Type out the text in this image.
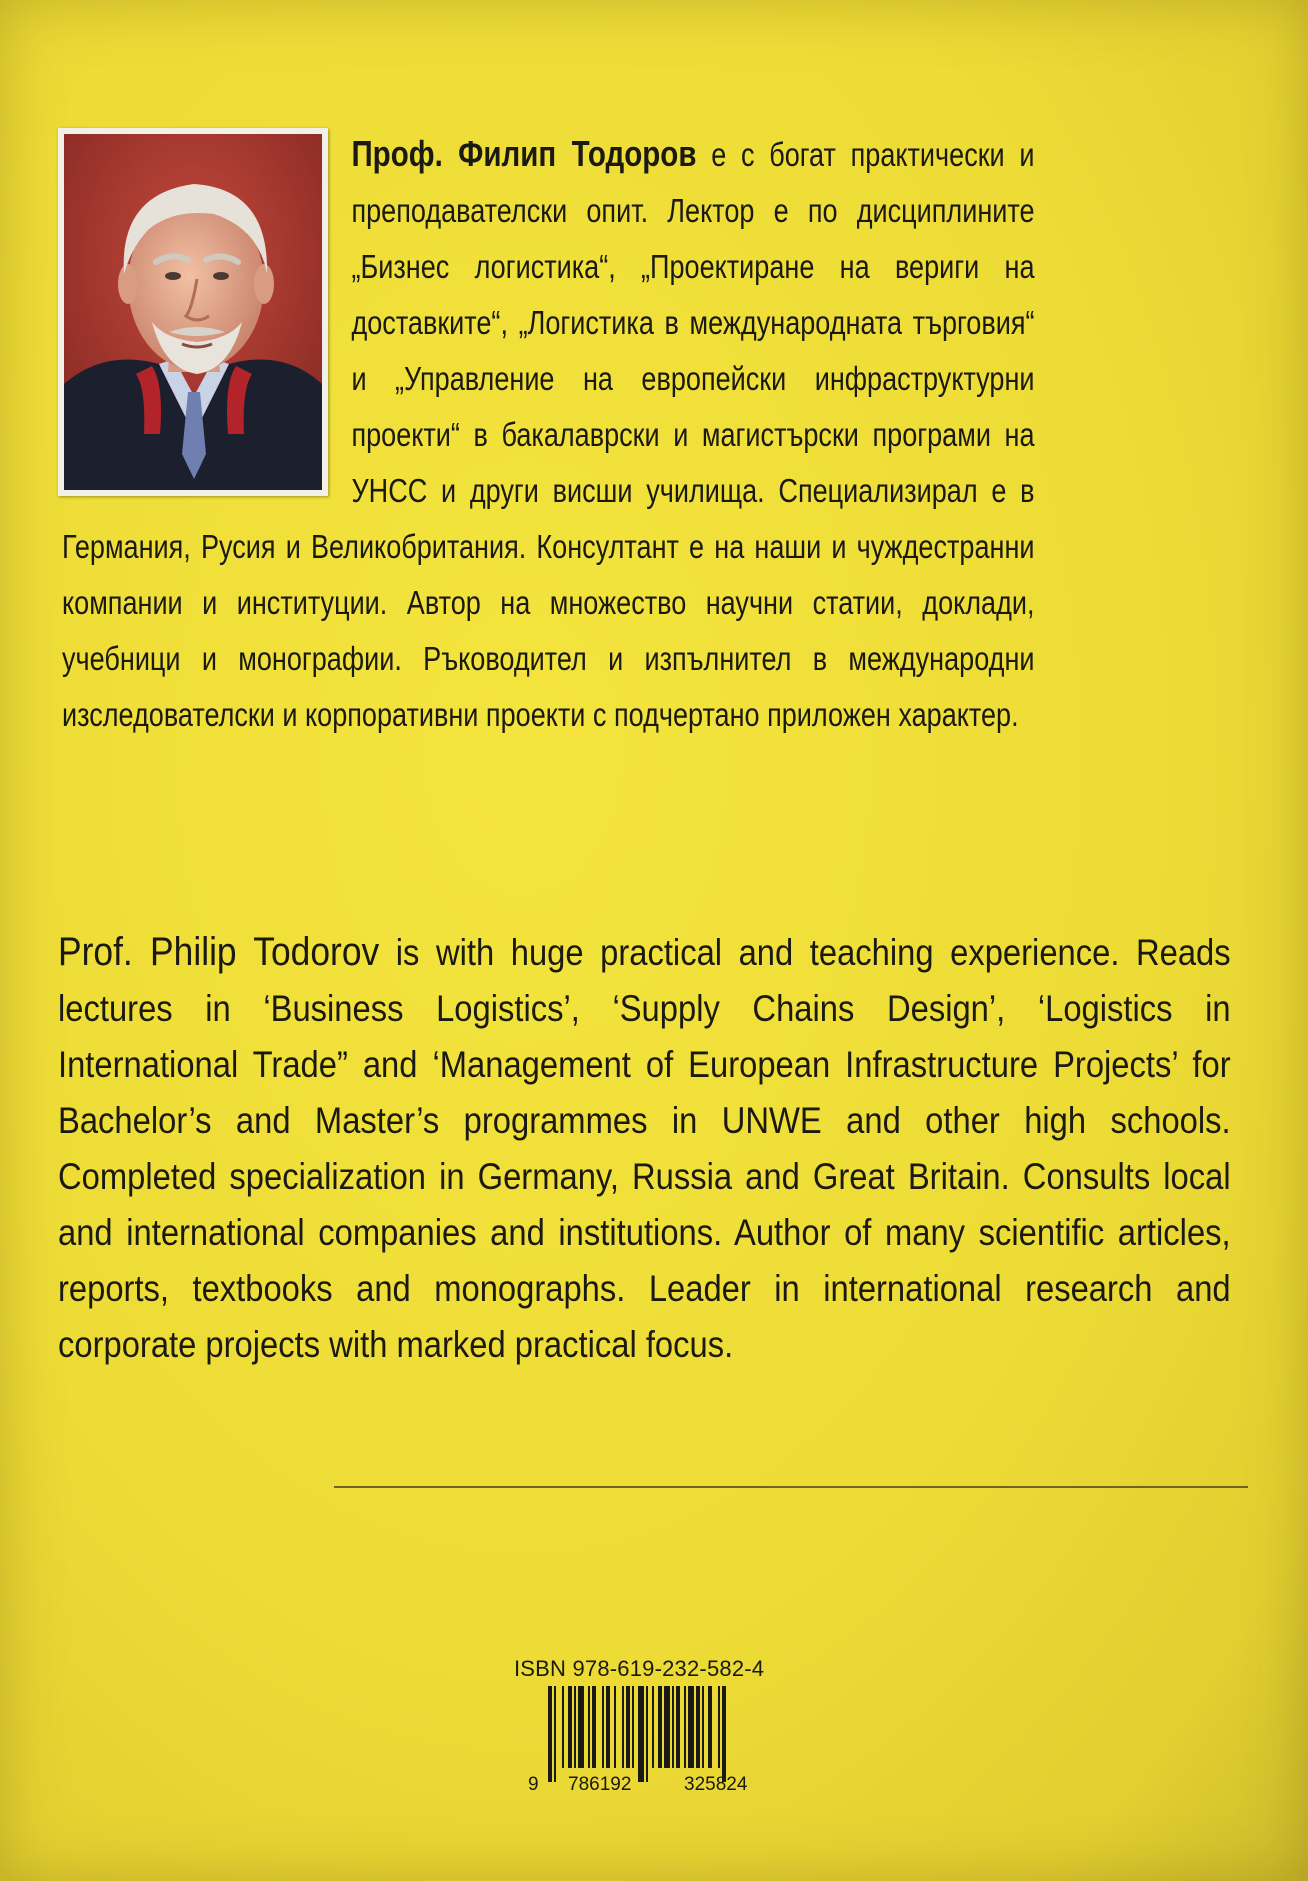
Проф. Филип Тодоров е с богат практически и преподавателски опит. Лектор е по дисциплините „Бизнес логистика“, „Проектиране на вериги на доставките“, „Логистика в международната търговия“ и „Управление на европейски инфраструктурни проекти“ в бакалаврски и магистърски програми на УНСС и други висши училища. Специализирал е в Германия, Русия и Великобритания. Консултант е на наши и чуждестранни компании и институции. Автор на множество научни статии, доклади, учебници и монографии. Ръководител и изпълнител в международни изследователски и корпоративни проекти с подчертано приложен характер.

Prof. Philip Todorov is with huge practical and teaching experience. Reads lectures in ‘Business Logistics’, ‘Supply Chains Design’, ‘Logistics in International Trade” and ‘Management of European Infrastructure Projects’ for Bachelor’s and Master’s programmes in UNWE and other high schools. Completed specialization in Germany, Russia and Great Britain. Consults local and international companies and institutions. Author of many scientific articles, reports, textbooks and monographs. Leader in international research and corporate projects with marked practical focus.

ISBN 978-619-232-582-4
9 786192	325824
